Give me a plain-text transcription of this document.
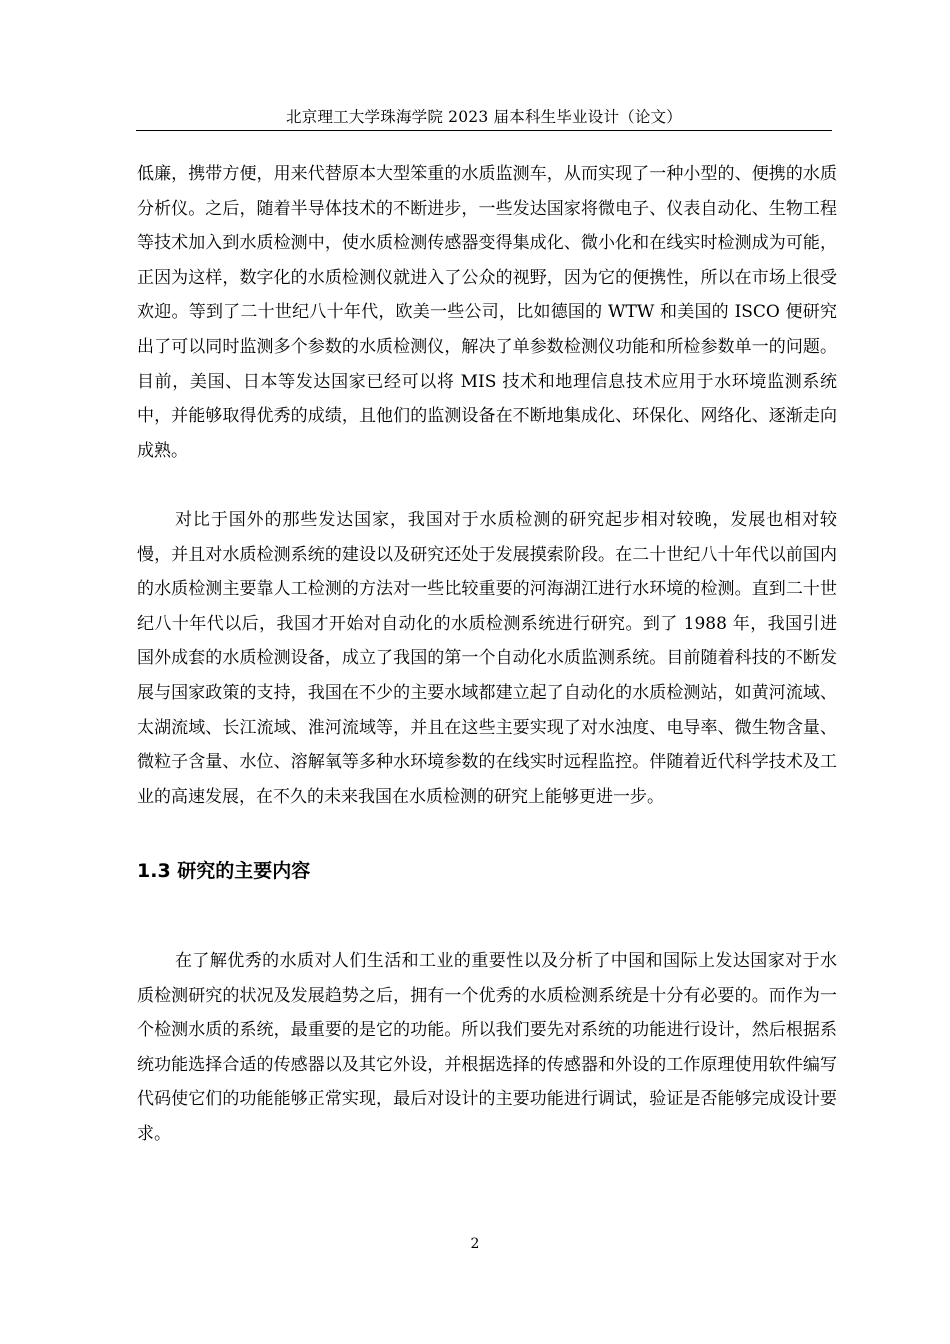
北京理工大学珠海学院 2023 届本科生毕业设计（论文）

低廉，携带方便，用来代替原本大型笨重的水质监测车，从而实现了一种小型的、便携的水质分析仪。之后，随着半导体技术的不断进步，一些发达国家将微电子、仪表自动化、生物工程等技术加入到水质检测中，使水质检测传感器变得集成化、微小化和在线实时检测成为可能，正因为这样，数字化的水质检测仪就进入了公众的视野，因为它的便携性，所以在市场上很受欢迎。等到了二十世纪八十年代，欧美一些公司，比如德国的 WTW 和美国的 ISCO 便研究出了可以同时监测多个参数的水质检测仪，解决了单参数检测仪功能和所检参数单一的问题。目前，美国、日本等发达国家已经可以将 MIS 技术和地理信息技术应用于水环境监测系统中，并能够取得优秀的成绩，且他们的监测设备在不断地集成化、环保化、网络化、逐渐走向成熟。

对比于国外的那些发达国家，我国对于水质检测的研究起步相对较晚，发展也相对较慢，并且对水质检测系统的建设以及研究还处于发展摸索阶段。在二十世纪八十年代以前国内的水质检测主要靠人工检测的方法对一些比较重要的河海湖江进行水环境的检测。直到二十世纪八十年代以后，我国才开始对自动化的水质检测系统进行研究。到了 1988 年，我国引进国外成套的水质检测设备，成立了我国的第一个自动化水质监测系统。目前随着科技的不断发展与国家政策的支持，我国在不少的主要水域都建立起了自动化的水质检测站，如黄河流域、太湖流域、长江流域、淮河流域等，并且在这些主要实现了对水浊度、电导率、微生物含量、微粒子含量、水位、溶解氧等多种水环境参数的在线实时远程监控。伴随着近代科学技术及工业的高速发展，在不久的未来我国在水质检测的研究上能够更进一步。

1.3 研究的主要内容

在了解优秀的水质对人们生活和工业的重要性以及分析了中国和国际上发达国家对于水质检测研究的状况及发展趋势之后，拥有一个优秀的水质检测系统是十分有必要的。而作为一个检测水质的系统，最重要的是它的功能。所以我们要先对系统的功能进行设计，然后根据系统功能选择合适的传感器以及其它外设，并根据选择的传感器和外设的工作原理使用软件编写代码使它们的功能能够正常实现，最后对设计的主要功能进行调试，验证是否能够完成设计要求。

2
